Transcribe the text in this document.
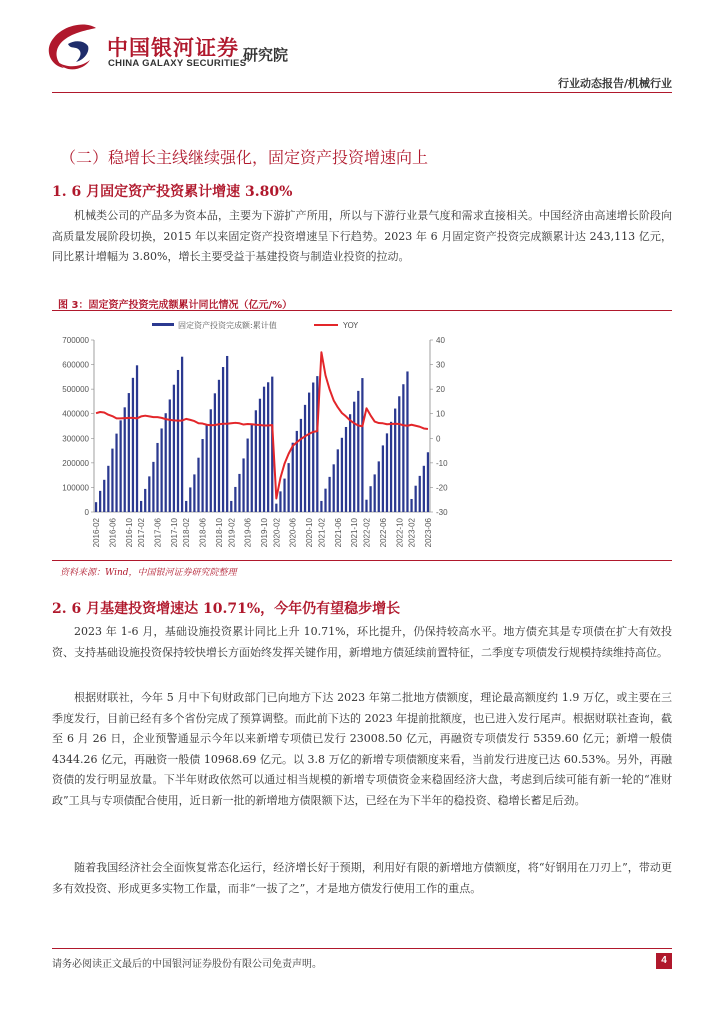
中国银河证券
CHINA GALAXY SECURITIES
研究院
行业动态报告/机械行业
（二）稳增长主线继续强化，固定资产投资增速向上
1. 6 月固定资产投资累计增速 3.80%

机械类公司的产品多为资本品，主要为下游扩产所用，所以与下游行业景气度和需求直接相关。中国经济由高速增长阶段向高质量发展阶段切换，2015 年以来固定资产投资增速呈下行趋势。2023 年 6 月固定资产投资完成额累计达 243,113 亿元，同比累计增幅为 3.80%，增长主要受益于基建投资与制造业投资的拉动。

图 3：固定资产投资完成额累计同比情况（亿元/%）
固定资产投资完成额:累计值	YOY
0
100000
200000
300000
400000
500000
600000
700000
-30
-20
-10
0
10
20
30
40
2016-02 2016-06 2016-10 2017-02 2017-06 2017-10 2018-02 2018-06 2018-10 2019-02 2019-06 2019-10 2020-02 2020-06 2020-10 2021-02 2021-06 2021-10 2022-02 2022-06 2022-10 2023-02 2023-06
资料来源：Wind，中国银河证券研究院整理
2. 6 月基建投资增速达 10.71%，今年仍有望稳步增长

2023 年 1-6 月，基础设施投资累计同比上升 10.71%，环比提升，仍保持较高水平。地方债充其是专项债在扩大有效投资、支持基础设施投资保持较快增长方面始终发挥关键作用，新增地方债延续前置特征，二季度专项债发行规模持续维持高位。

根据财联社，今年 5 月中下旬财政部门已向地方下达 2023 年第二批地方债额度，理论最高额度约 1.9 万亿，或主要在三季度发行，目前已经有多个省份完成了预算调整。而此前下达的 2023 年提前批额度，也已进入发行尾声。根据财联社查询，截至 6 月 26 日，企业预警通显示今年以来新增专项债已发行 23008.50 亿元，再融资专项债发行 5359.60 亿元；新增一般债 4344.26 亿元，再融资一般债 10968.69 亿元。以 3.8 万亿的新增专项债额度来看，当前发行进度已达 60.53%。另外，再融资债的发行明显放量。下半年财政依然可以通过相当规模的新增专项债资金来稳固经济大盘，考虑到后续可能有新一轮的“准财政”工具与专项债配合使用，近日新一批的新增地方债限额下达，已经在为下半年的稳投资、稳增长蓄足后劲。

随着我国经济社会全面恢复常态化运行，经济增长好于预期，利用好有限的新增地方债额度，将“好钢用在刀刃上”，带动更多有效投资、形成更多实物工作量，而非“一拔了之”，才是地方债发行使用工作的重点。

请务必阅读正文最后的中国银河证券股份有限公司免责声明。	4
